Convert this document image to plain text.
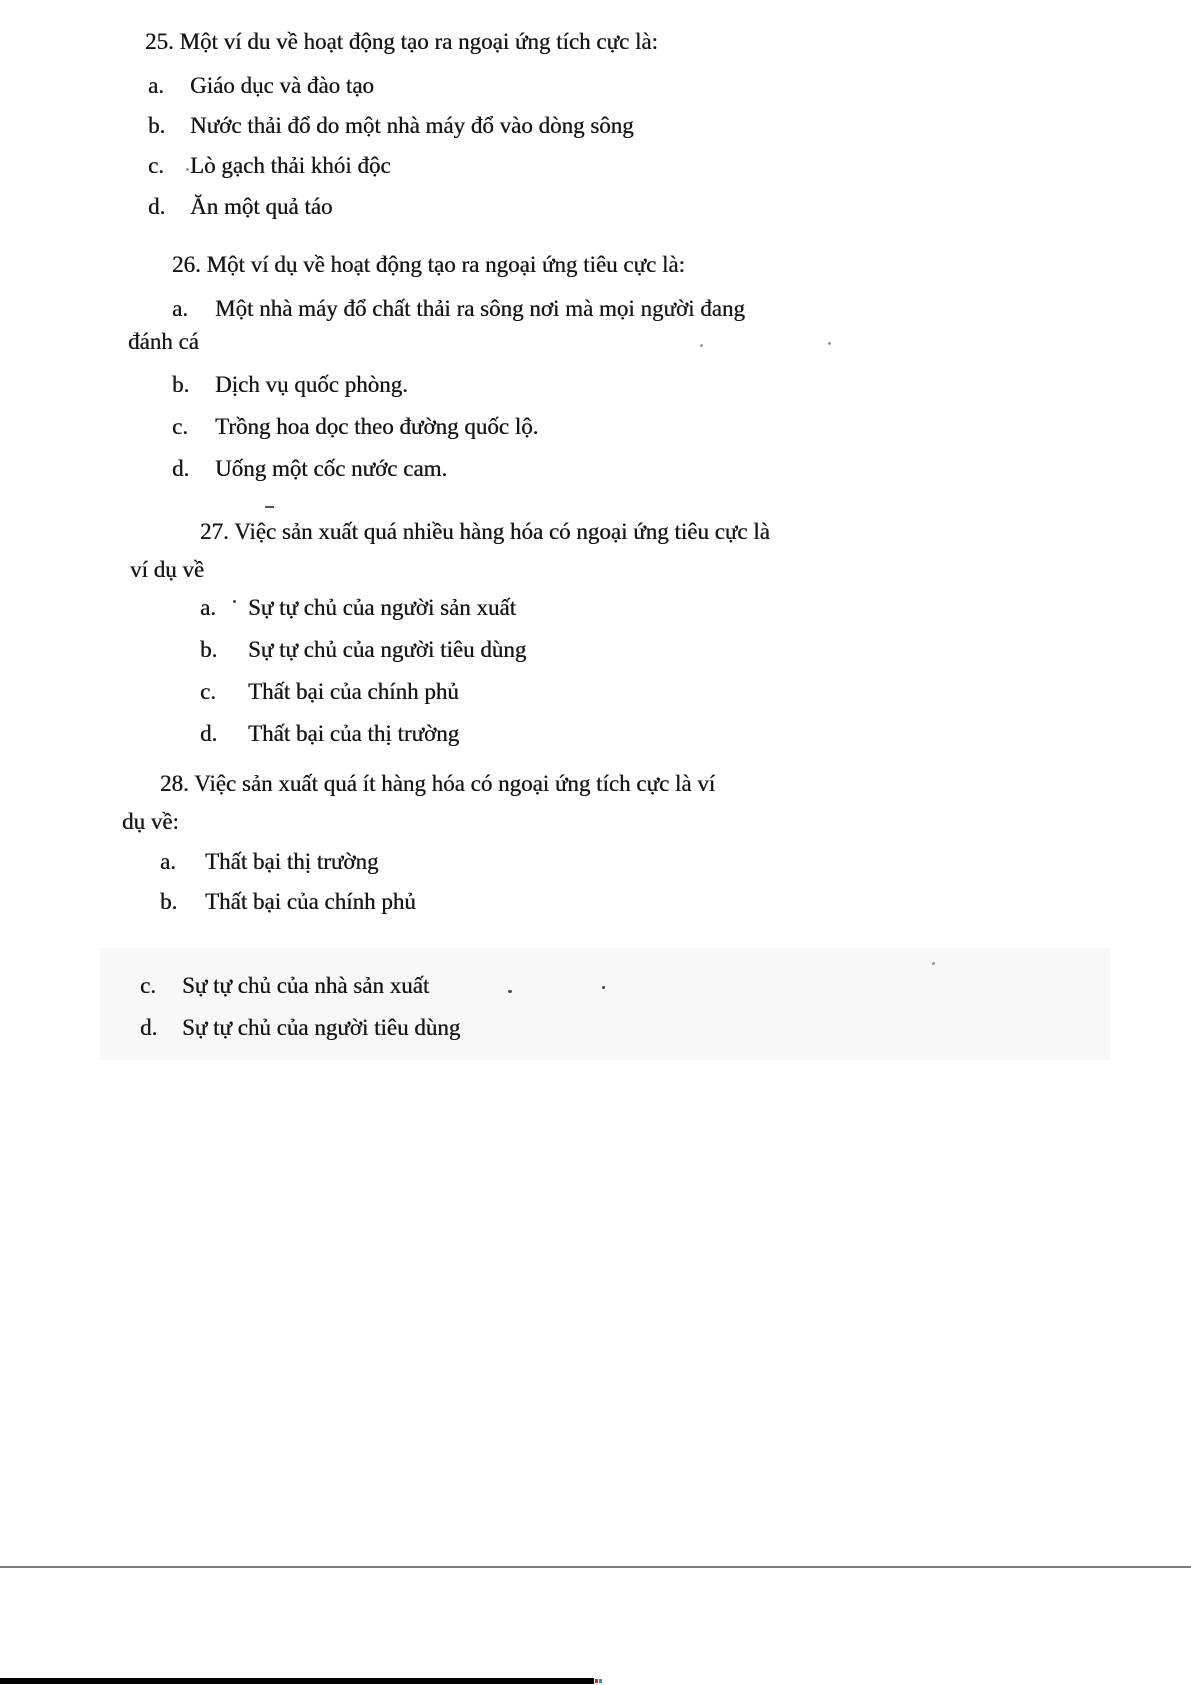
25. Một ví du về hoạt động tạo ra ngoại ứng tích cực là:
a.	Giáo dục và đào tạo
b.	Nước thải đổ do một nhà máy đổ vào dòng sông
c.	Lò gạch thải khói độc
d.	Ăn một quả táo
26. Một ví dụ về hoạt động tạo ra ngoại ứng tiêu cực là:
a.	Một nhà máy đổ chất thải ra sông nơi mà mọi người đang
đánh cá
b.	Dịch vụ quốc phòng.
c.	Trồng hoa dọc theo đường quốc lộ.
d.	Uống một cốc nước cam.
27. Việc sản xuất quá nhiều hàng hóa có ngoại ứng tiêu cực là
ví dụ về
a.	Sự tự chủ của người sản xuất
b.	Sự tự chủ của người tiêu dùng
c.	Thất bại của chính phủ
d.	Thất bại của thị trường
28. Việc sản xuất quá ít hàng hóa có ngoại ứng tích cực là ví
dụ về:
a.	Thất bại thị trường
b.	Thất bại của chính phủ
c.	Sự tự chủ của nhà sản xuất
d.	Sự tự chủ của người tiêu dùng
